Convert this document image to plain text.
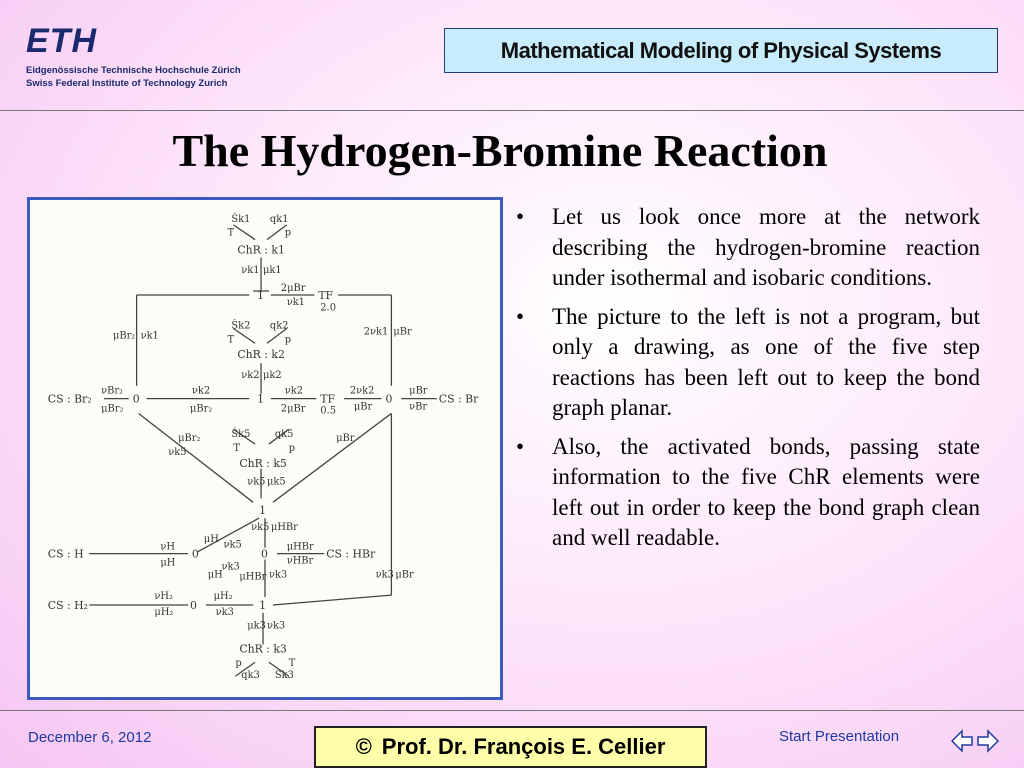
ETH
Eidgenössische Technische Hochschule Zürich
Swiss Federal Institute of Technology Zurich
Mathematical Modeling of Physical Systems
The Hydrogen-Bromine Reaction
Ṡk1 qk1
T	p
ChR : k1
νk1 μk1
1
2μBr
νk1
TF
2.0
μBr₂ νk1	2νk1 μBr
Ṡk2 qk2
T	p
ChR : k2
νk2 μk2
CS : Br₂
νBr₂
μBr₂
0
νk2
μBr₂
1
νk2
2μBr
TF
0.5
2νk2
μBr
0
μBr
νBr
CS : Br
μBr₂
νk5
μBr
Ṡk5 qk5
T	p
ChR : k5
νk5 μk5
1
νk5 μHBr
μH
νk5
CS : H
νH
μH
0	0
μHBr
νHBr
CS : HBr
μH
νk3
μHBr νk3	νk3 μBr
CS : H₂
νH₂
μH₂
0
μH₂
νk3
1
μk3 νk3
ChR : k3
p	T
qk3 Ṡk3
• Let us look once more at the network describing the hydrogen-bromine reaction under isothermal and isobaric conditions.
• The picture to the left is not a program, but only a drawing, as one of the five step reactions has been left out to keep the bond graph planar.
• Also, the activated bonds, passing state information to the five ChR elements were left out in order to keep the bond graph clean and well readable.
December 6, 2012	© Prof. Dr. François E. Cellier	Start Presentation
